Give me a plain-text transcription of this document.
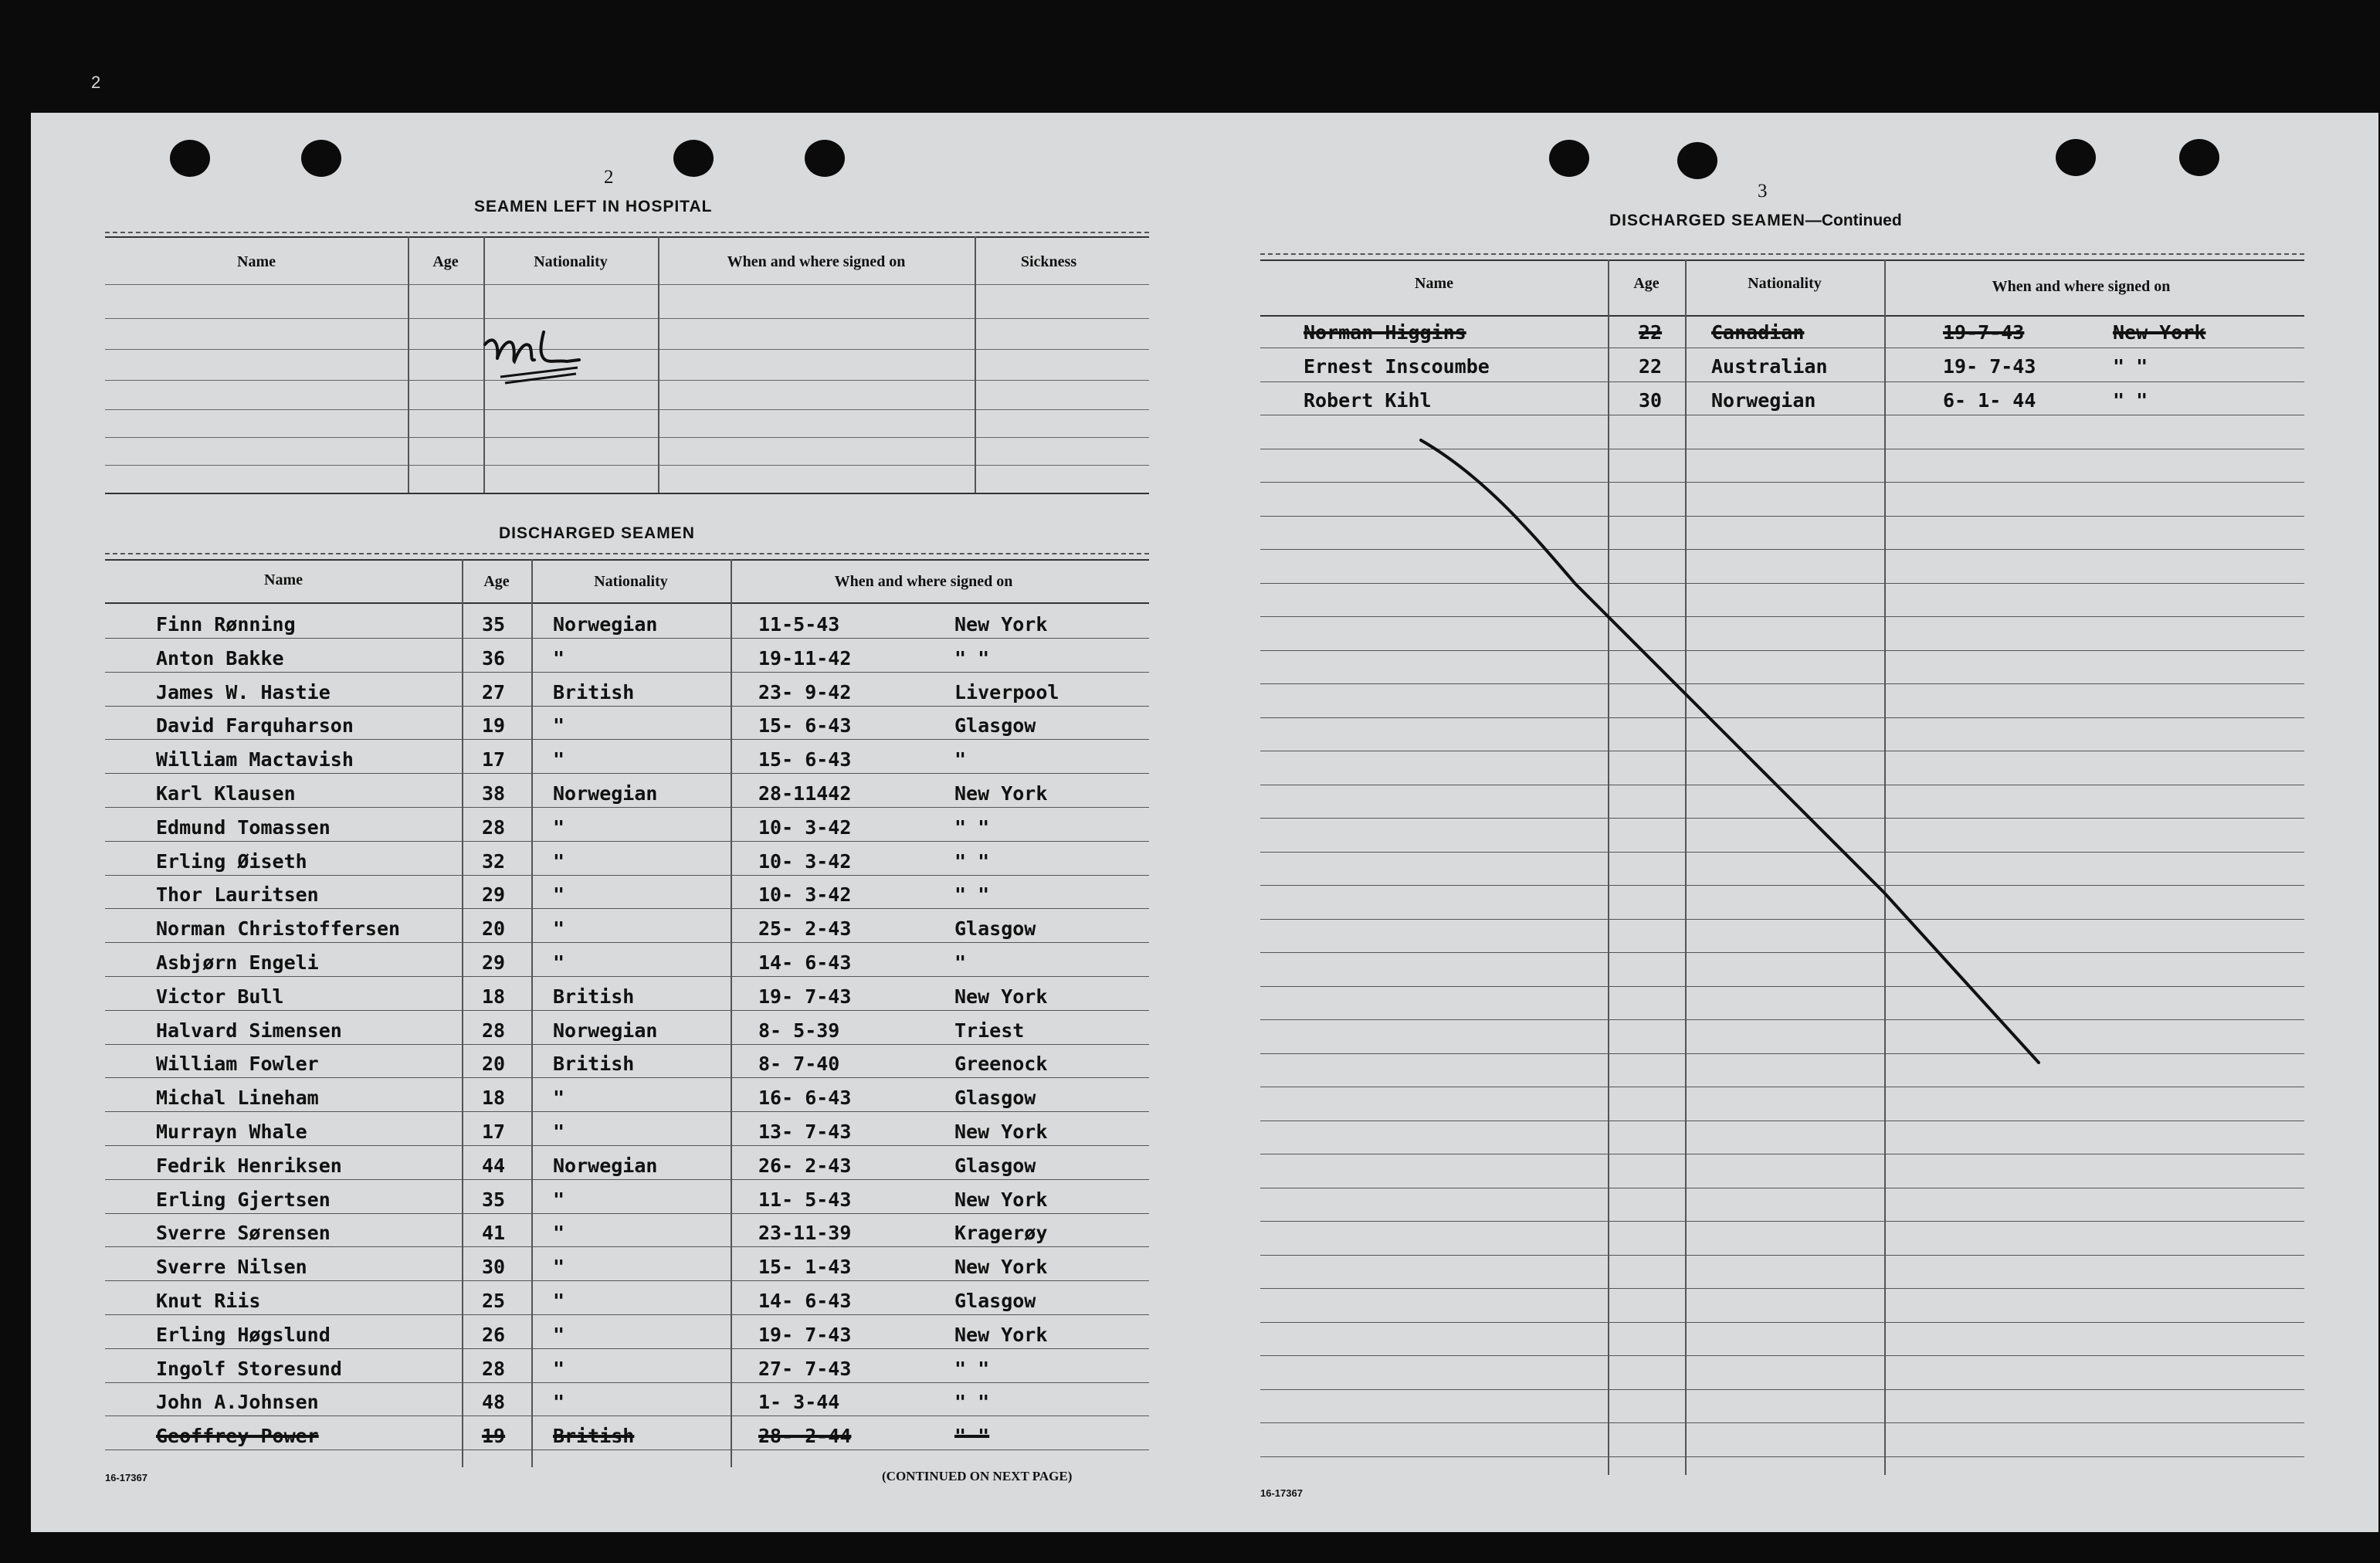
2
2
SEAMEN LEFT IN HOSPITAL
Name	Age	Nationality	When and where signed on	Sickness
DISCHARGED SEAMEN
Name	Age	Nationality	When and where signed on
Finn Rønning	35 Norwegian	11-5-43	New York
Anton Bakke	36 "	19-11-42	" "
James W. Hastie	27 British	23- 9-42	Liverpool
David Farquharson	19 "	15- 6-43	Glasgow
William Mactavish	17 "	15- 6-43	"
Karl Klausen	38 Norwegian	28-11442	New York
Edmund Tomassen	28 "	10- 3-42	" "
Erling Øiseth	32 "	10- 3-42	" "
Thor Lauritsen	29 "	10- 3-42	" "
Norman Christoffersen	20 "	25- 2-43	Glasgow
Asbjørn Engeli	29 "	14- 6-43	"
Victor Bull	18 British	19- 7-43	New York
Halvard Simensen	28 Norwegian	8- 5-39	Triest
William Fowler	20 British	8- 7-40	Greenock
Michal Lineham	18 "	16- 6-43	Glasgow
Murrayn Whale	17 "	13- 7-43	New York
Fedrik Henriksen	44 Norwegian	26- 2-43	Glasgow
Erling Gjertsen	35 "	11- 5-43	New York
Sverre Sørensen	41 "	23-11-39	Kragerøy
Sverre Nilsen	30 "	15- 1-43	New York
Knut Riis	25 "	14- 6-43	Glasgow
Erling Høgslund	26 "	19- 7-43	New York
Ingolf Storesund	28 "	27- 7-43	" "
John A.Johnsen	48 "	1- 3-44	" "
Geoffrey Power	19 British	28- 2-44	" "
16-17367	(CONTINUED ON NEXT PAGE)
3
DISCHARGED SEAMEN—Continued
Name	Age	Nationality	When and where signed on
Norman Higgins	22	Canadian	19-7-43	New York
Ernest Inscoumbe	22	Australian	19- 7-43	" "
Robert Kihl	30	Norwegian	6- 1- 44	" "
16-17367
